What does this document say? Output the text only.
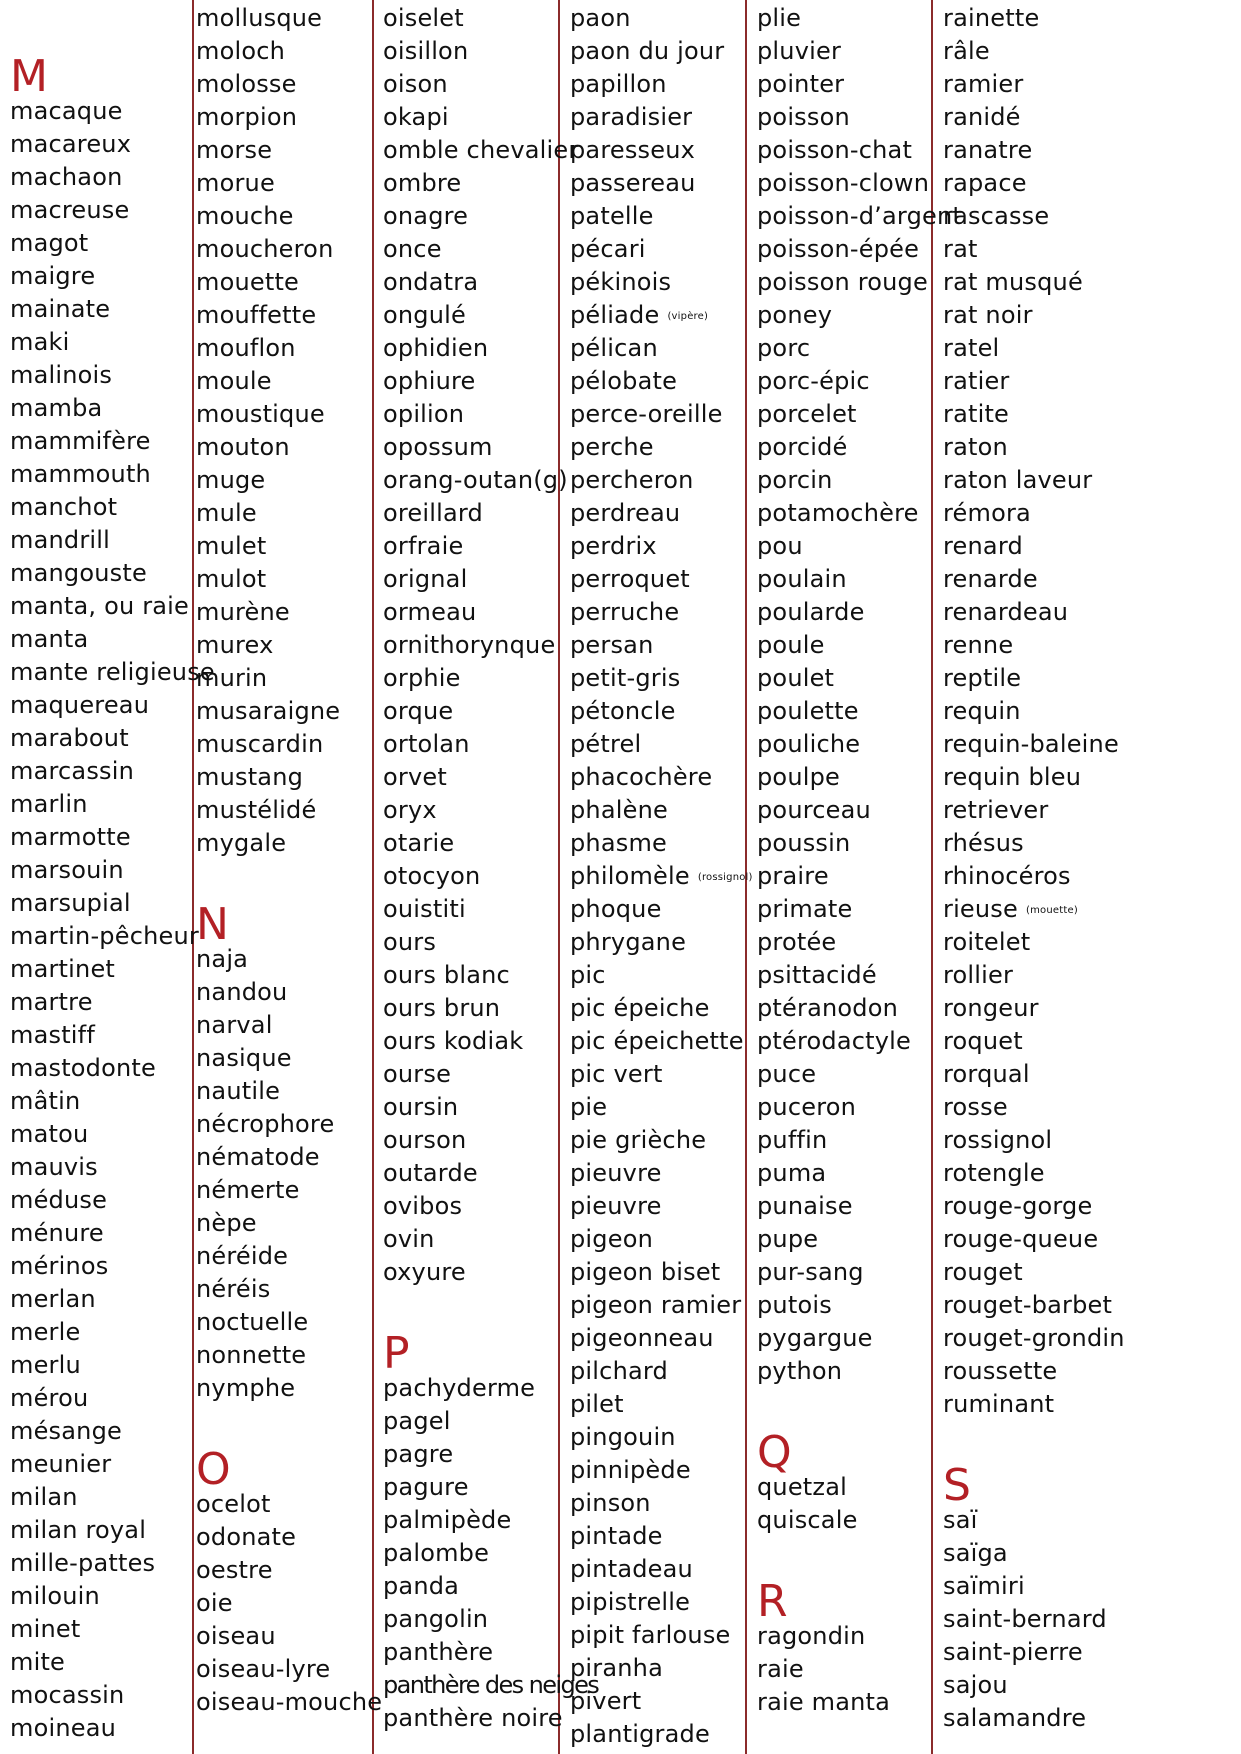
M
macaque
macareux
machaon
macreuse
magot
maigre
mainate
maki
malinois
mamba
mammifère
mammouth
manchot
mandrill
mangouste
manta, ou raie
manta
mante religieuse
maquereau
marabout
marcassin
marlin
marmotte
marsouin
marsupial
martin-pêcheur
martinet
martre
mastiff
mastodonte
mâtin
matou
mauvis
méduse
ménure
mérinos
merlan
merle
merlu
mérou
mésange
meunier
milan
milan royal
mille-pattes
milouin
minet
mite
mocassin
moineau
mollusque
moloch
molosse
morpion
morse
morue
mouche
moucheron
mouette
mouffette
mouflon
moule
moustique
mouton
muge
mule
mulet
mulot
murène
murex
murin
musaraigne
muscardin
mustang
mustélidé
mygale
N
naja
nandou
narval
nasique
nautile
nécrophore
nématode
némerte
nèpe
néréide
néréis
noctuelle
nonnette
nymphe
O
ocelot
odonate
oestre
oie
oiseau
oiseau-lyre
oiseau-mouche
oiselet
oisillon
oison
okapi
omble chevalier
ombre
onagre
once
ondatra
ongulé
ophidien
ophiure
opilion
opossum
orang-outan(g)
oreillard
orfraie
orignal
ormeau
ornithorynque
orphie
orque
ortolan
orvet
oryx
otarie
otocyon
ouistiti
ours
ours blanc
ours brun
ours kodiak
ourse
oursin
ourson
outarde
ovibos
ovin
oxyure
P
pachyderme
pagel
pagre
pagure
palmipède
palombe
panda
pangolin
panthère
panthère des neiges
panthère noire
paon
paon du jour
papillon
paradisier
paresseux
passereau
patelle
pécari
pékinois
péliade (vipère)
pélican
pélobate
perce-oreille
perche
percheron
perdreau
perdrix
perroquet
perruche
persan
petit-gris
pétoncle
pétrel
phacochère
phalène
phasme
philomèle (rossignol)
phoque
phrygane
pic
pic épeiche
pic épeichette
pic vert
pie
pie grièche
pieuvre
pieuvre
pigeon
pigeon biset
pigeon ramier
pigeonneau
pilchard
pilet
pingouin
pinnipède
pinson
pintade
pintadeau
pipistrelle
pipit farlouse
piranha
pivert
plantigrade
plie
pluvier
pointer
poisson
poisson-chat
poisson-clown
poisson-d’argent
poisson-épée
poisson rouge
poney
porc
porc-épic
porcelet
porcidé
porcin
potamochère
pou
poulain
poularde
poule
poulet
poulette
pouliche
poulpe
pourceau
poussin
praire
primate
protée
psittacidé
ptéranodon
ptérodactyle
puce
puceron
puffin
puma
punaise
pupe
pur-sang
putois
pygargue
python
Q
quetzal
quiscale
R
ragondin
raie
raie manta
rainette
râle
ramier
ranidé
ranatre
rapace
rascasse
rat
rat musqué
rat noir
ratel
ratier
ratite
raton
raton laveur
rémora
renard
renarde
renardeau
renne
reptile
requin
requin-baleine
requin bleu
retriever
rhésus
rhinocéros
rieuse (mouette)
roitelet
rollier
rongeur
roquet
rorqual
rosse
rossignol
rotengle
rouge-gorge
rouge-queue
rouget
rouget-barbet
rouget-grondin
roussette
ruminant
S
saï
saïga
saïmiri
saint-bernard
saint-pierre
sajou
salamandre
